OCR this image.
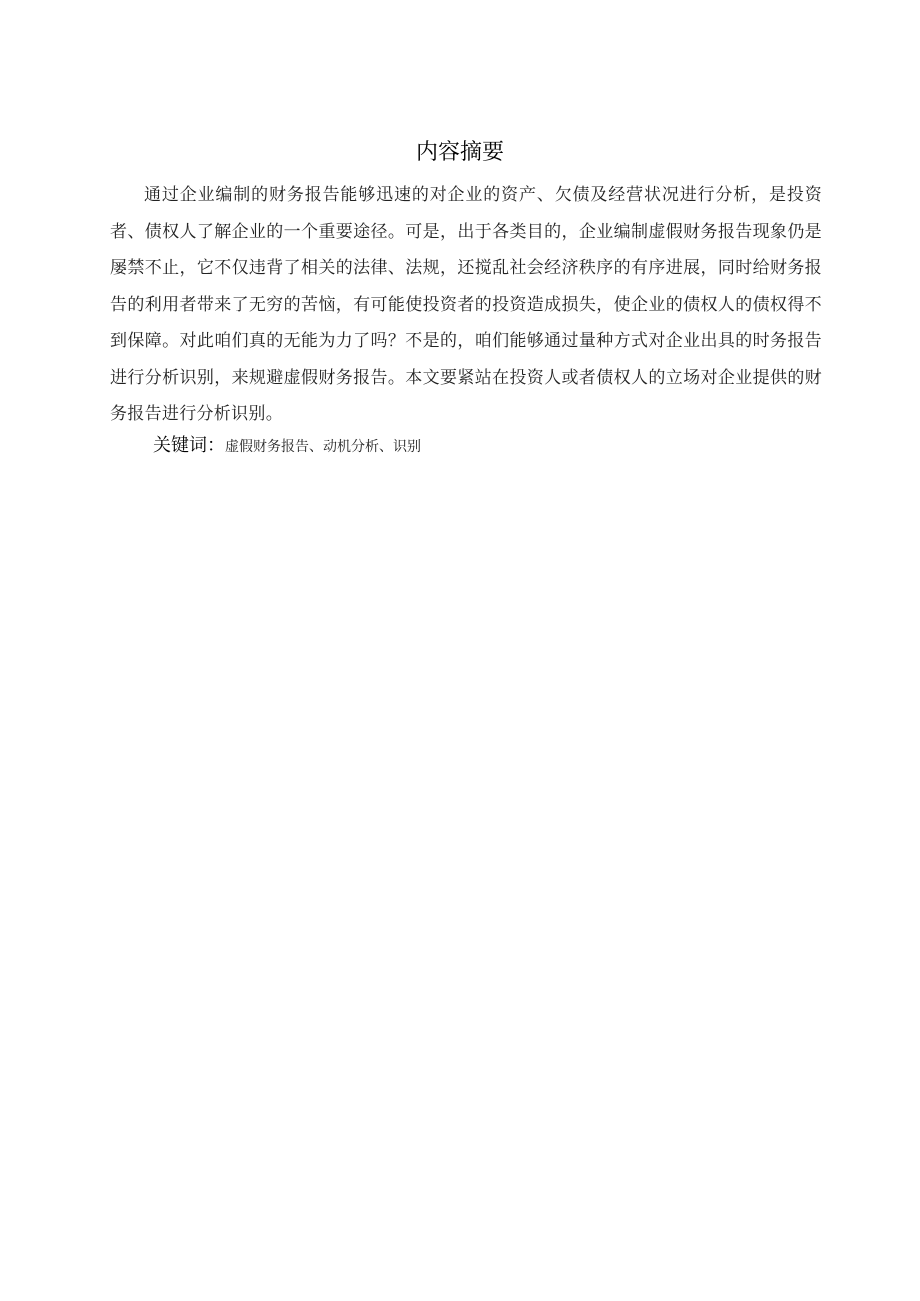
内容摘要

通过企业编制的财务报告能够迅速的对企业的资产、欠债及经营状况进行分析，是投资者、债权人了解企业的一个重要途径。可是，出于各类目的，企业编制虚假财务报告现象仍是屡禁不止，它不仅违背了相关的法律、法规，还搅乱社会经济秩序的有序进展，同时给财务报告的利用者带来了无穷的苦恼，有可能使投资者的投资造成损失，使企业的债权人的债权得不到保障。对此咱们真的无能为力了吗？不是的，咱们能够通过量种方式对企业出具的时务报告进行分析识别，来规避虚假财务报告。本文要紧站在投资人或者债权人的立场对企业提供的财务报告进行分析识别。

关键词：虚假财务报告、动机分析、识别
